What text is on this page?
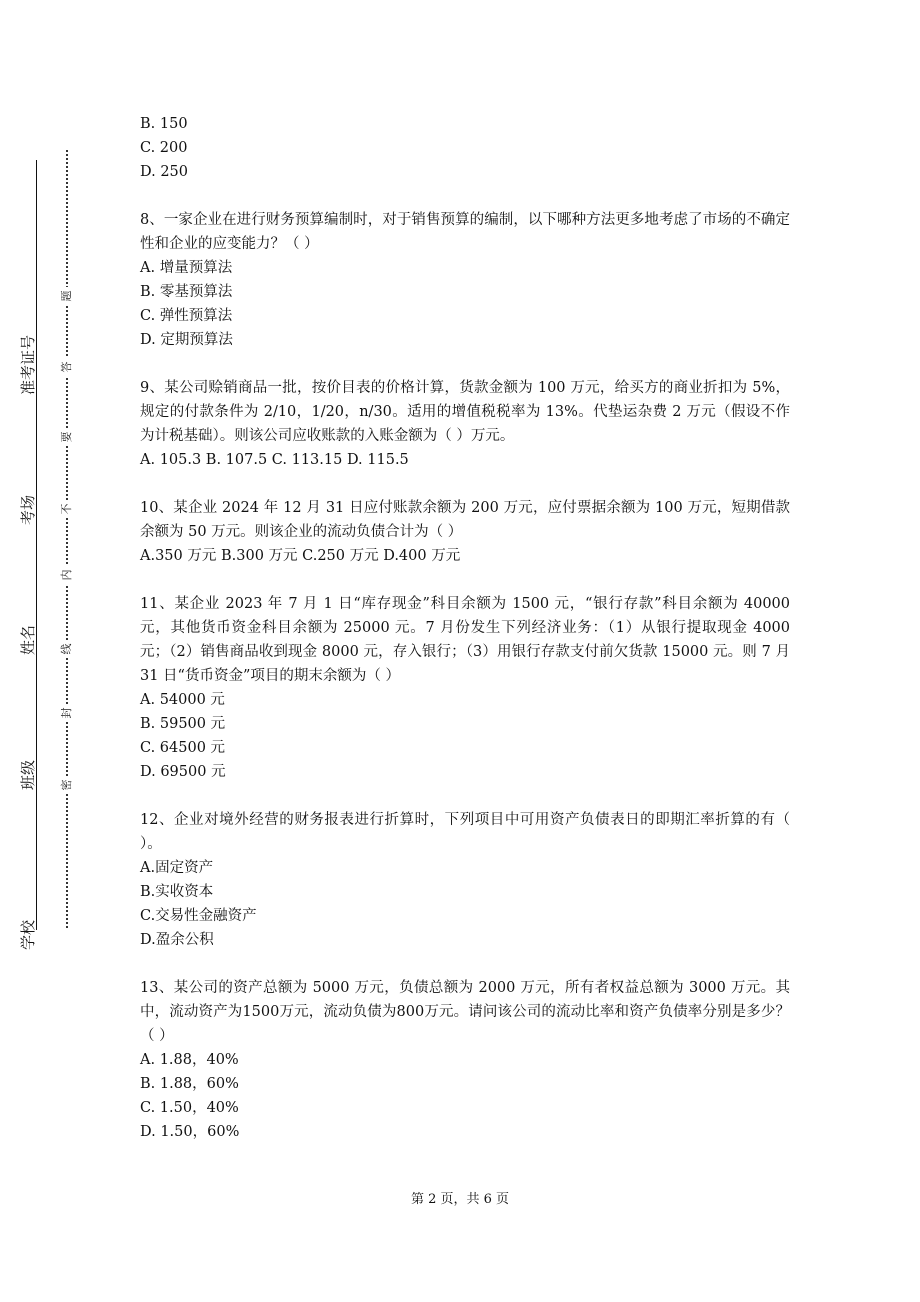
学校
班级
姓名
考场
准考证号
密
封
线
内
不
要
答
题

B. 150

C. 200

D. 250

8、一家企业在进行财务预算编制时，对于销售预算的编制，以下哪种方法更多地考虑了市场的不确定性和企业的应变能力？（ ）

A. 增量预算法

B. 零基预算法

C. 弹性预算法

D. 定期预算法

9、某公司赊销商品一批，按价目表的价格计算，货款金额为 100 万元，给买方的商业折扣为 5%，规定的付款条件为 2/10，1/20，n/30。适用的增值税税率为 13%。代垫运杂费 2 万元（假设不作为计税基础）。则该公司应收账款的入账金额为（ ）万元。

A. 105.3 B. 107.5 C. 113.15 D. 115.5

10、某企业 2024 年 12 月 31 日应付账款余额为 200 万元，应付票据余额为 100 万元，短期借款余额为 50 万元。则该企业的流动负债合计为（ ）

A.350 万元 B.300 万元 C.250 万元 D.400 万元

11、某企业 2023 年 7 月 1 日“库存现金”科目余额为 1500 元，“银行存款”科目余额为 40000 元，其他货币资金科目余额为 25000 元。7 月份发生下列经济业务：（1）从银行提取现金 4000 元；（2）销售商品收到现金 8000 元，存入银行；（3）用银行存款支付前欠货款 15000 元。则 7 月 31 日“货币资金”项目的期末余额为（ ）

A. 54000 元

B. 59500 元

C. 64500 元

D. 69500 元

12、企业对境外经营的财务报表进行折算时，下列项目中可用资产负债表日的即期汇率折算的有（ ）。

A.固定资产

B.实收资本

C.交易性金融资产

D.盈余公积

13、某公司的资产总额为 5000 万元，负债总额为 2000 万元，所有者权益总额为 3000 万元。其中，流动资产为1500万元，流动负债为800万元。请问该公司的流动比率和资产负债率分别是多少？（ ）

A. 1.88，40%

B. 1.88，60%

C. 1.50，40%

D. 1.50，60%

第 2 页，共 6 页
